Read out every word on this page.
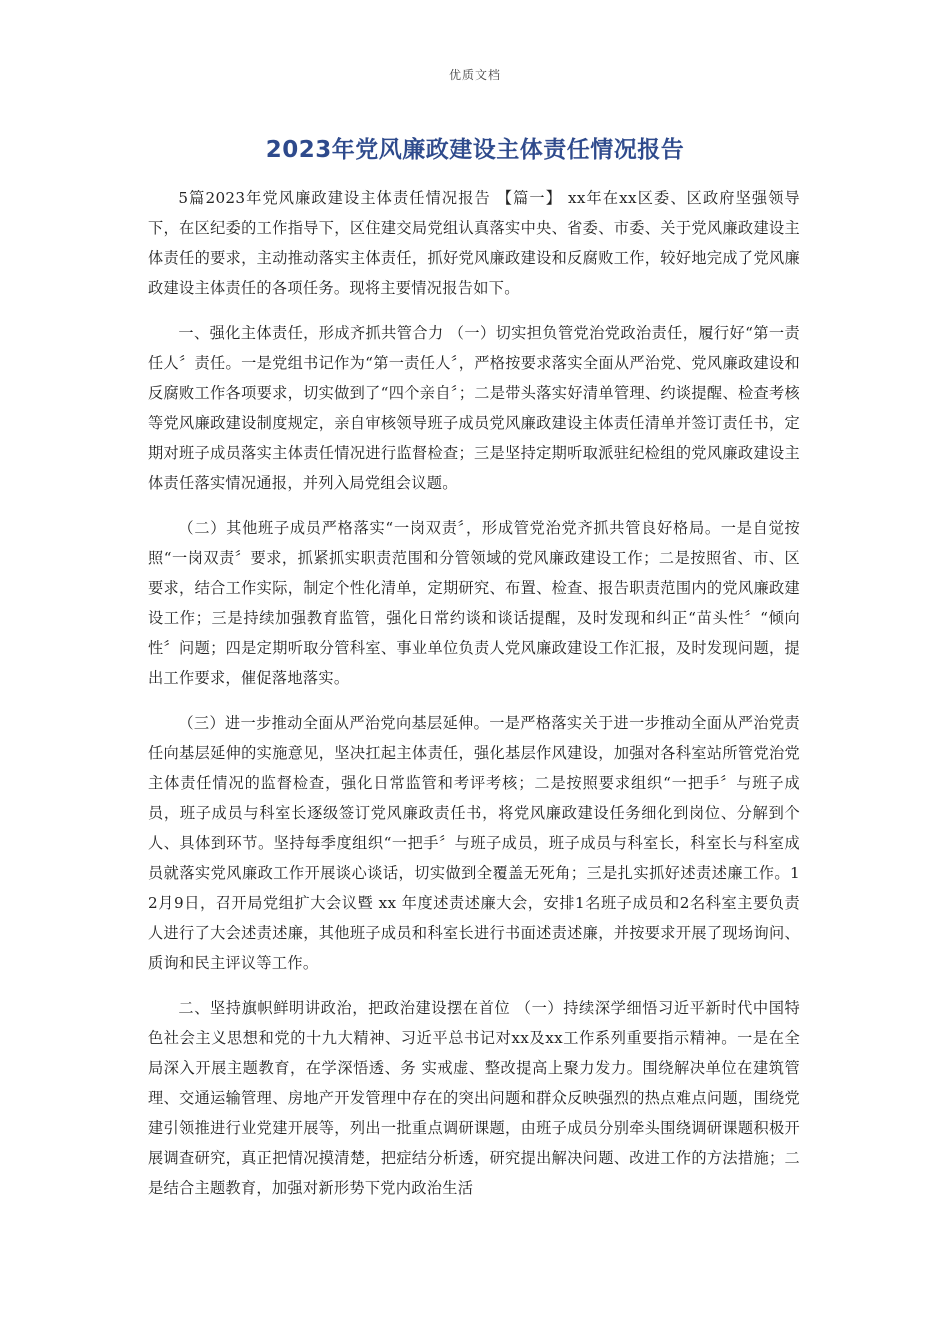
优质文档
2023年党风廉政建设主体责任情况报告

5篇2023年党风廉政建设主体责任情况报告 【篇一】 xx年在xx区委、区政府坚强领导下，在区纪委的工作指导下，区住建交局党组认真落实中央、省委、市委、关于党风廉政建设主体责任的要求，主动推动落实主体责任，抓好党风廉政建设和反腐败工作，较好地完成了党风廉政建设主体责任的各项任务。现将主要情况报告如下。

一、强化主体责任，形成齐抓共管合力 （一）切实担负管党治党政治责任，履行好“第一责任人〞责任。一是党组书记作为“第一责任人〞，严格按要求落实全面从严治党、党风廉政建设和反腐败工作各项要求，切实做到了“四个亲自〞；二是带头落实好清单管理、约谈提醒、检查考核等党风廉政建设制度规定，亲自审核领导班子成员党风廉政建设主体责任清单并签订责任书，定期对班子成员落实主体责任情况进行监督检查；三是坚持定期听取派驻纪检组的党风廉政建设主体责任落实情况通报，并列入局党组会议题。

（二）其他班子成员严格落实“一岗双责〞，形成管党治党齐抓共管良好格局。一是自觉按照“一岗双责〞要求，抓紧抓实职责范围和分管领域的党风廉政建设工作；二是按照省、市、区要求，结合工作实际，制定个性化清单，定期研究、布置、检查、报告职责范围内的党风廉政建设工作；三是持续加强教育监管，强化日常约谈和谈话提醒，及时发现和纠正“苗头性〞“倾向性〞问题；四是定期听取分管科室、事业单位负责人党风廉政建设工作汇报，及时发现问题，提出工作要求，催促落地落实。

（三）进一步推动全面从严治党向基层延伸。一是严格落实关于进一步推动全面从严治党责任向基层延伸的实施意见，坚决扛起主体责任，强化基层作风建设，加强对各科室站所管党治党主体责任情况的监督检查，强化日常监管和考评考核；二是按照要求组织“一把手〞与班子成员，班子成员与科室长逐级签订党风廉政责任书，将党风廉政建设任务细化到岗位、分解到个人、具体到环节。坚持每季度组织“一把手〞与班子成员，班子成员与科室长，科室长与科室成员就落实党风廉政工作开展谈心谈话，切实做到全覆盖无死角；三是扎实抓好述责述廉工作。12月9日，召开局党组扩大会议暨 xx 年度述责述廉大会，安排1名班子成员和2名科室主要负责人进行了大会述责述廉，其他班子成员和科室长进行书面述责述廉，并按要求开展了现场询问、质询和民主评议等工作。

二、坚持旗帜鲜明讲政治，把政治建设摆在首位 （一）持续深学细悟习近平新时代中国特色社会主义思想和党的十九大精神、习近平总书记对xx及xx工作系列重要指示精神。一是在全局深入开展主题教育，在学深悟透、务 实戒虚、整改提高上聚力发力。围绕解决单位在建筑管理、交通运输管理、房地产开发管理中存在的突出问题和群众反映强烈的热点难点问题，围绕党建引领推进行业党建开展等，列出一批重点调研课题，由班子成员分别牵头围绕调研课题积极开展调查研究，真正把情况摸清楚，把症结分析透，研究提出解决问题、改进工作的方法措施；二是结合主题教育，加强对新形势下党内政治生活
